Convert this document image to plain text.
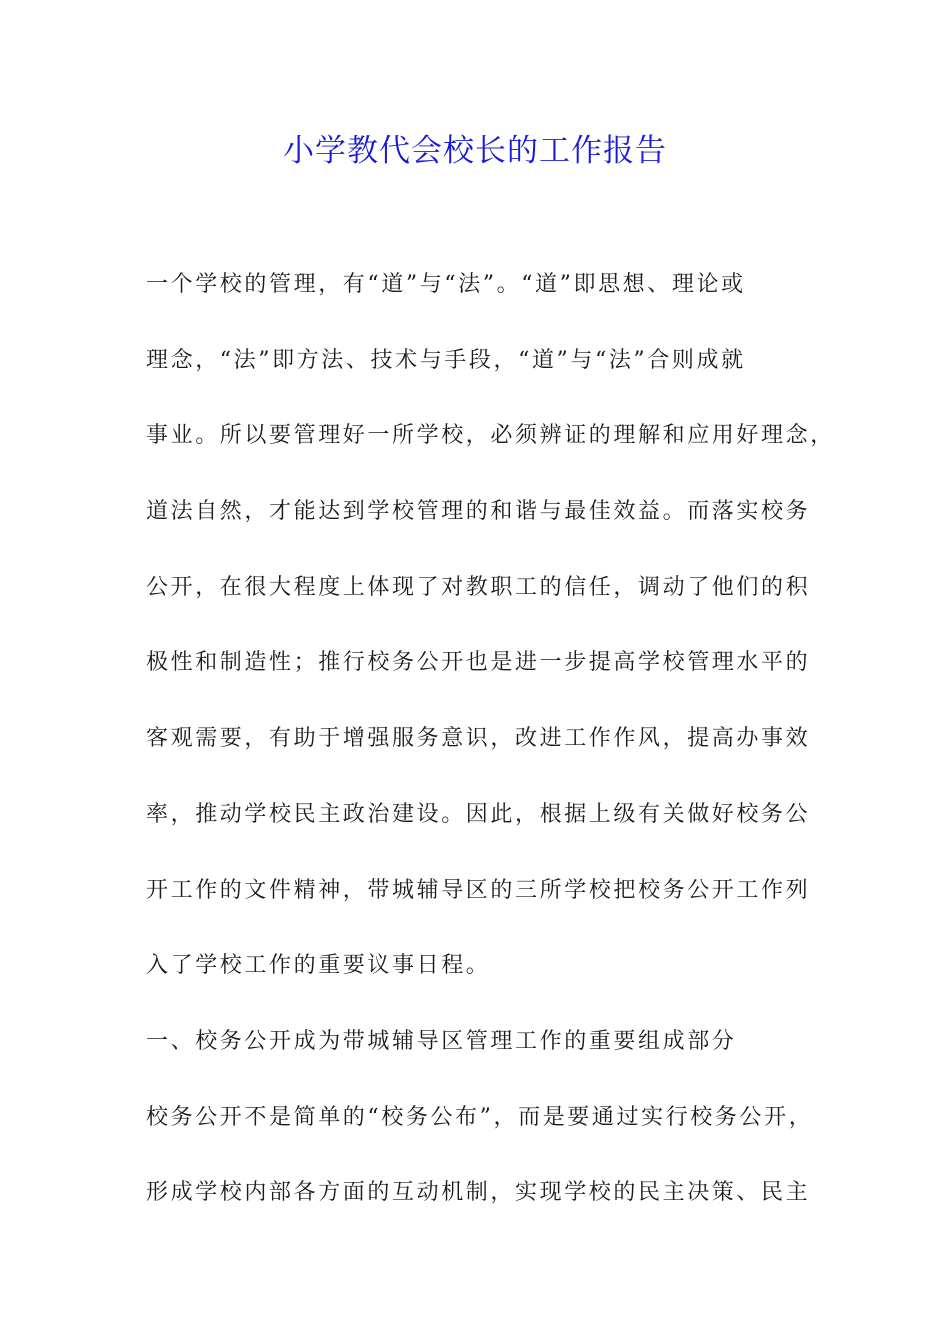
小学教代会校长的工作报告
一个学校的管理，有“道”与“法”。“道”即思想、理论或
理念，“法”即方法、技术与手段，“道”与“法”合则成就
事业。所以要管理好一所学校，必须辨证的理解和应用好理念，
道法自然，才能达到学校管理的和谐与最佳效益。而落实校务
公开，在很大程度上体现了对教职工的信任，调动了他们的积
极性和制造性；推行校务公开也是进一步提高学校管理水平的
客观需要，有助于增强服务意识，改进工作作风，提高办事效
率，推动学校民主政治建设。因此，根据上级有关做好校务公
开工作的文件精神，带城辅导区的三所学校把校务公开工作列
入了学校工作的重要议事日程。
一、校务公开成为带城辅导区管理工作的重要组成部分
校务公开不是简单的“校务公布”，而是要通过实行校务公开，
形成学校内部各方面的互动机制，实现学校的民主决策、民主
